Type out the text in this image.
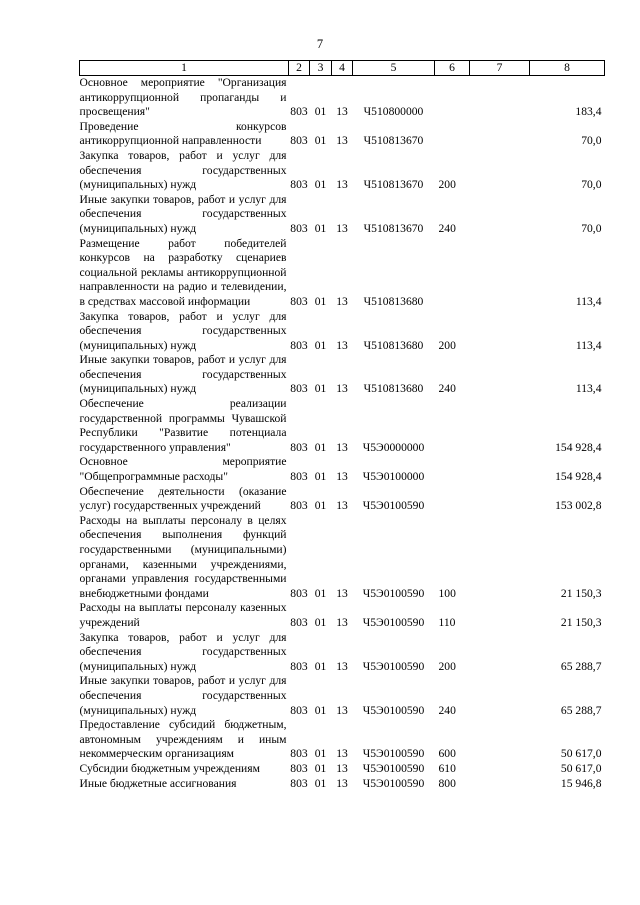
7
1	2	3	4	5	6	7	8
Основное мероприятие "Организация антикоррупционной пропаганды и просвещения"	803	01	13	Ч510800000			183,4
Проведение конкурсов антикоррупционной направленности	803	01	13	Ч510813670			70,0
Закупка товаров, работ и услуг для обеспечения государственных (муниципальных) нужд	803	01	13	Ч510813670	200		70,0
Иные закупки товаров, работ и услуг для обеспечения государственных (муниципальных) нужд	803	01	13	Ч510813670	240		70,0
Размещение работ победителей конкурсов на разработку сценариев социальной рекламы антикоррупционной направленности на радио и телевидении, в средствах массовой информации	803	01	13	Ч510813680			113,4
Закупка товаров, работ и услуг для обеспечения государственных (муниципальных) нужд	803	01	13	Ч510813680	200		113,4
Иные закупки товаров, работ и услуг для обеспечения государственных (муниципальных) нужд	803	01	13	Ч510813680	240		113,4
Обеспечение реализации государственной программы Чувашской Республики "Развитие потенциала государственного управления"	803	01	13	Ч5Э0000000			154 928,4
Основное мероприятие "Общепрограммные расходы"	803	01	13	Ч5Э0100000			154 928,4
Обеспечение деятельности (оказание услуг) государственных учреждений	803	01	13	Ч5Э0100590			153 002,8
Расходы на выплаты персоналу в целях обеспечения выполнения функций государственными (муниципальными) органами, казенными учреждениями, органами управления государственными внебюджетными фондами	803	01	13	Ч5Э0100590	100		21 150,3
Расходы на выплаты персоналу казенных учреждений	803	01	13	Ч5Э0100590	110		21 150,3
Закупка товаров, работ и услуг для обеспечения государственных (муниципальных) нужд	803	01	13	Ч5Э0100590	200		65 288,7
Иные закупки товаров, работ и услуг для обеспечения государственных (муниципальных) нужд	803	01	13	Ч5Э0100590	240		65 288,7
Предоставление субсидий бюджетным, автономным учреждениям и иным некоммерческим организациям	803	01	13	Ч5Э0100590	600		50 617,0
Субсидии бюджетным учреждениям	803	01	13	Ч5Э0100590	610		50 617,0
Иные бюджетные ассигнования	803	01	13	Ч5Э0100590	800		15 946,8
